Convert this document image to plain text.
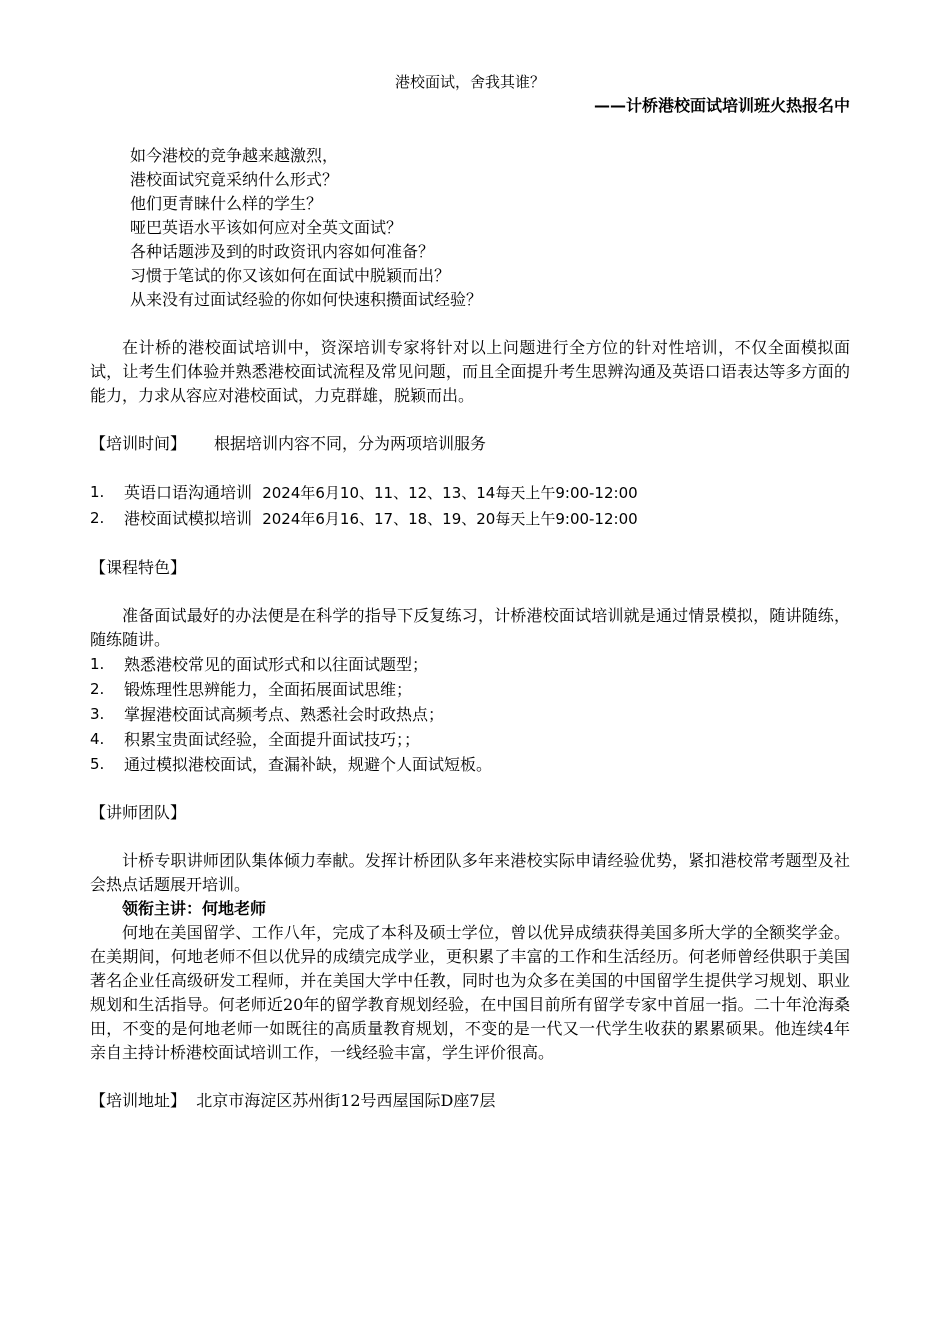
港校面试，舍我其谁？
——计桥港校面试培训班火热报名中
如今港校的竞争越来越激烈，
港校面试究竟采纳什么形式？
他们更青睐什么样的学生？
哑巴英语水平该如何应对全英文面试？
各种话题涉及到的时政资讯内容如何准备？
习惯于笔试的你又该如何在面试中脱颖而出？
从来没有过面试经验的你如何快速积攒面试经验？
在计桥的港校面试培训中，资深培训专家将针对以上问题进行全方位的针对性培训，不仅全面模拟面试，让考生们体验并熟悉港校面试流程及常见问题，而且全面提升考生思辨沟通及英语口语表达等多方面的能力，力求从容应对港校面试，力克群雄，脱颖而出。
【培训时间】 根据培训内容不同，分为两项培训服务
1.	英语口语沟通培训 2024年6月10、11、12、13、14每天上午9:00-12:00
2.	港校面试模拟培训 2024年6月16、17、18、19、20每天上午9:00-12:00
【课程特色】
准备面试最好的办法便是在科学的指导下反复练习，计桥港校面试培训就是通过情景模拟，随讲随练，随练随讲。
1.	熟悉港校常见的面试形式和以往面试题型；
2.	锻炼理性思辨能力，全面拓展面试思维；
3.	掌握港校面试高频考点、熟悉社会时政热点；
4.	积累宝贵面试经验，全面提升面试技巧；；
5.	通过模拟港校面试，查漏补缺，规避个人面试短板。
【讲师团队】
计桥专职讲师团队集体倾力奉献。发挥计桥团队多年来港校实际申请经验优势，紧扣港校常考题型及社会热点话题展开培训。
领衔主讲：何地老师
何地在美国留学、工作八年，完成了本科及硕士学位，曾以优异成绩获得美国多所大学的全额奖学金。在美期间，何地老师不但以优异的成绩完成学业，更积累了丰富的工作和生活经历。何老师曾经供职于美国著名企业任高级研发工程师，并在美国大学中任教，同时也为众多在美国的中国留学生提供学习规划、职业规划和生活指导。何老师近20年的留学教育规划经验，在中国目前所有留学专家中首屈一指。二十年沧海桑田，不变的是何地老师一如既往的高质量教育规划，不变的是一代又一代学生收获的累累硕果。他连续4年亲自主持计桥港校面试培训工作，一线经验丰富，学生评价很高。
【培训地址】 北京市海淀区苏州街12号西屋国际D座7层
